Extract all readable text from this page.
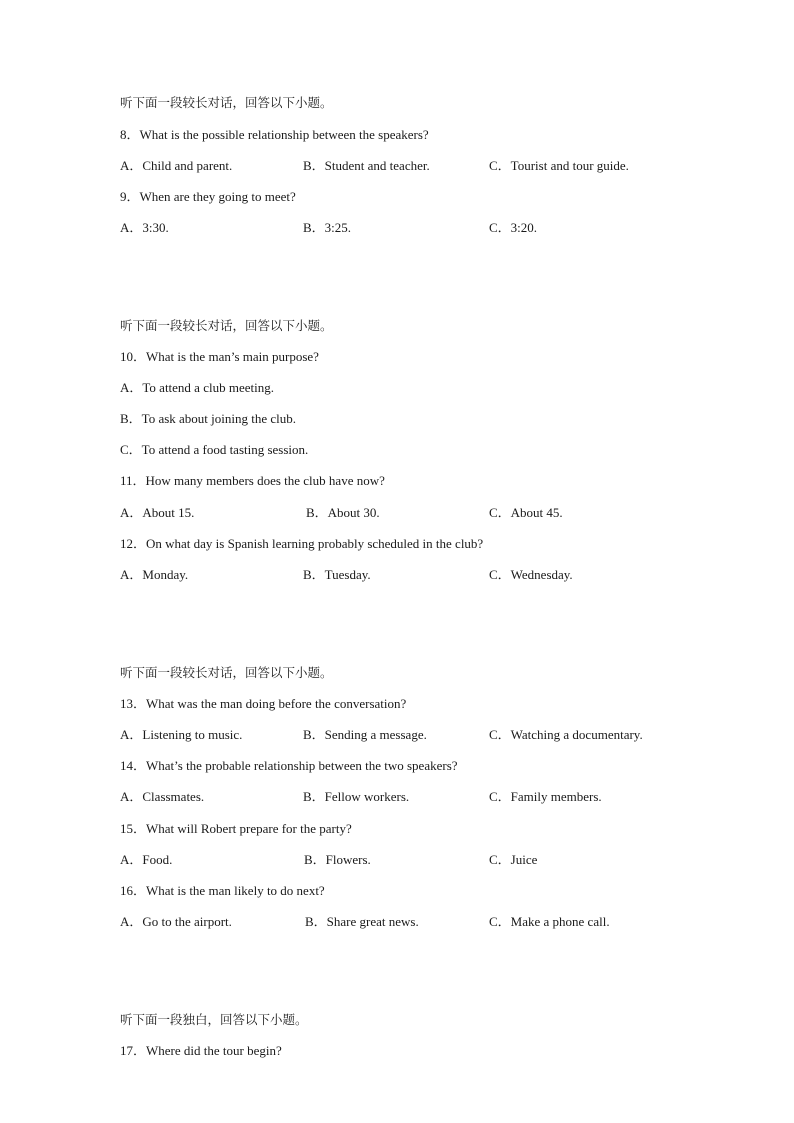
听下面一段较长对话，回答以下小题。
8．What is the possible relationship between the speakers?
A．Child and parent.	B．Student and teacher.	C．Tourist and tour guide.
9．When are they going to meet?
A．3:30.	B．3:25.	C．3:20.
听下面一段较长对话，回答以下小题。
10．What is the man’s main purpose?
A．To attend a club meeting.
B．To ask about joining the club.
C．To attend a food tasting session.
11．How many members does the club have now?
A．About 15.	B．About 30.	C．About 45.
12．On what day is Spanish learning probably scheduled in the club?
A．Monday.	B．Tuesday.	C．Wednesday.
听下面一段较长对话，回答以下小题。
13．What was the man doing before the conversation?
A．Listening to music.	B．Sending a message.	C．Watching a documentary.
14．What’s the probable relationship between the two speakers?
A．Classmates.	B．Fellow workers.	C．Family members.
15．What will Robert prepare for the party?
A．Food.	B．Flowers.	C．Juice
16．What is the man likely to do next?
A．Go to the airport.	B．Share great news.	C．Make a phone call.
听下面一段独白，回答以下小题。
17．Where did the tour begin?
